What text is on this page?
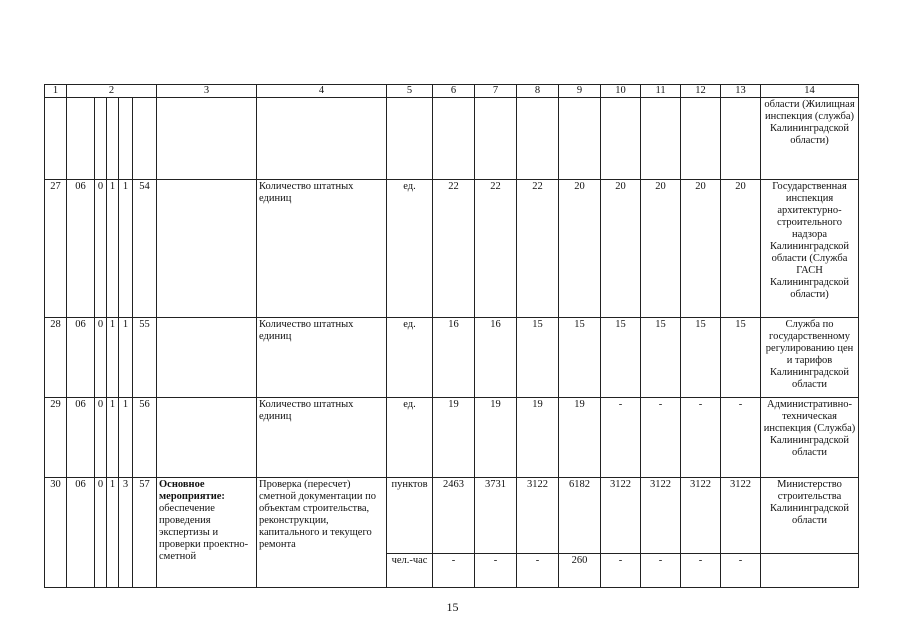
1	2					3	4	5	6	7	8	9	10	11	12	13	14
																	области (Жилищная инспекция (служба) Калининградской области)
27	06	0	1	1	54		Количество штатных единиц	ед.	22	22	22	20	20	20	20	20	Государственная инспекция архитектурно-строительного надзора Калининградской области (Служба ГАСН Калининградской области)
28	06	0	1	1	55		Количество штатных единиц	ед.	16	16	15	15	15	15	15	15	Служба по государственному регулированию цен и тарифов Калининградской области
29	06	0	1	1	56		Количество штатных единиц	ед.	19	19	19	19	-	-	-	-	Административно-техническая инспекция (Служба) Калининградской области
30	06	0	1	3	57	Основное мероприятие: обеспечение проведения экспертизы и проверки проектно-сметной	Проверка (пересчет) сметной документации по объектам строительства, реконструкции, капитального и текущего ремонта	пунктов	2463	3731	3122	6182	3122	3122	3122	3122	Министерство строительства Калининградской области
								чел.-час	-	-	-	260	-	-	-	-	
15
